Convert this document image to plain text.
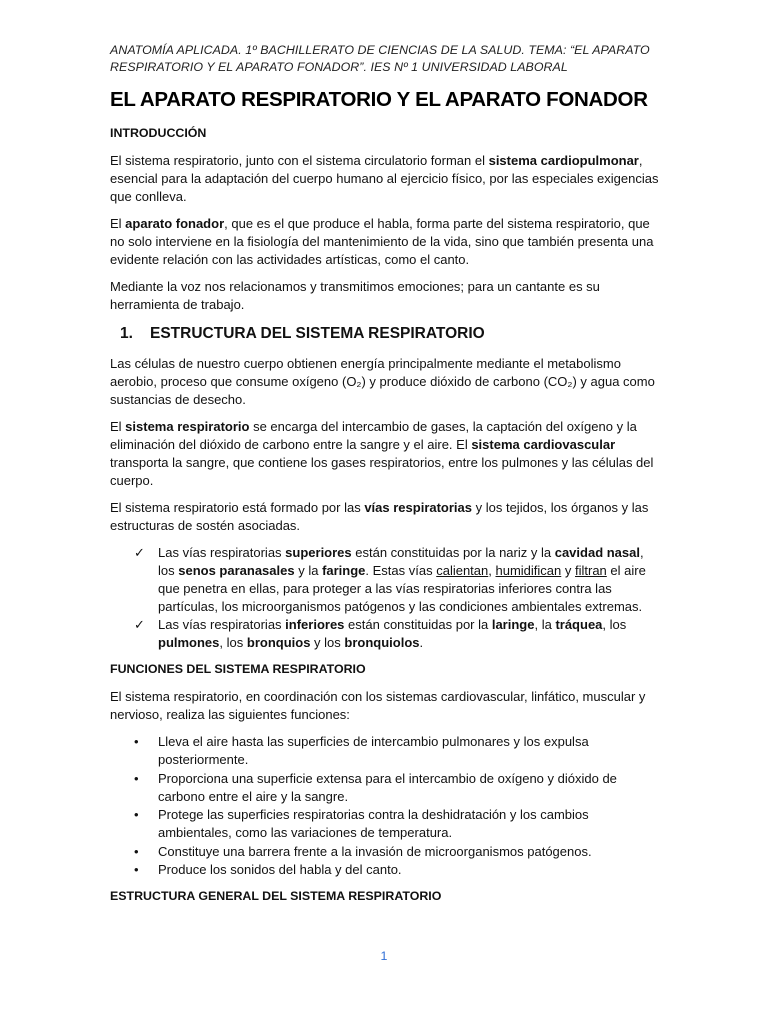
ANATOMÍA APLICADA. 1º BACHILLERATO DE CIENCIAS DE LA SALUD. TEMA: “EL APARATO
RESPIRATORIO Y EL APARATO FONADOR”. IES Nº 1 UNIVERSIDAD LABORAL
EL APARATO RESPIRATORIO Y EL APARATO FONADOR
INTRODUCCIÓN

El sistema respiratorio, junto con el sistema circulatorio forman el sistema cardiopulmonar, esencial para la adaptación del cuerpo humano al ejercicio físico, por las especiales exigencias que conlleva.

El aparato fonador, que es el que produce el habla, forma parte del sistema respiratorio, que no solo interviene en la fisiología del mantenimiento de la vida, sino que también presenta una evidente relación con las actividades artísticas, como el canto.

Mediante la voz nos relacionamos y transmitimos emociones; para un cantante es su herramienta de trabajo.

1.	ESTRUCTURA DEL SISTEMA RESPIRATORIO

Las células de nuestro cuerpo obtienen energía principalmente mediante el metabolismo aerobio, proceso que consume oxígeno (O₂) y produce dióxido de carbono (CO₂) y agua como sustancias de desecho.

El sistema respiratorio se encarga del intercambio de gases, la captación del oxígeno y la eliminación del dióxido de carbono entre la sangre y el aire. El sistema cardiovascular transporta la sangre, que contiene los gases respiratorios, entre los pulmones y las células del cuerpo.

El sistema respiratorio está formado por las vías respiratorias y los tejidos, los órganos y las estructuras de sostén asociadas.

✓ Las vías respiratorias superiores están constituidas por la nariz y la cavidad nasal, los senos paranasales y la faringe. Estas vías calientan, humidifican y filtran el aire que penetra en ellas, para proteger a las vías respiratorias inferiores contra las partículas, los microorganismos patógenos y las condiciones ambientales extremas.
✓ Las vías respiratorias inferiores están constituidas por la laringe, la tráquea, los pulmones, los bronquios y los bronquiolos.
FUNCIONES DEL SISTEMA RESPIRATORIO

El sistema respiratorio, en coordinación con los sistemas cardiovascular, linfático, muscular y nervioso, realiza las siguientes funciones:

• Lleva el aire hasta las superficies de intercambio pulmonares y los expulsa posteriormente.
• Proporciona una superficie extensa para el intercambio de oxígeno y dióxido de carbono entre el aire y la sangre.
• Protege las superficies respiratorias contra la deshidratación y los cambios ambientales, como las variaciones de temperatura.
• Constituye una barrera frente a la invasión de microorganismos patógenos.
• Produce los sonidos del habla y del canto.
ESTRUCTURA GENERAL DEL SISTEMA RESPIRATORIO
1
